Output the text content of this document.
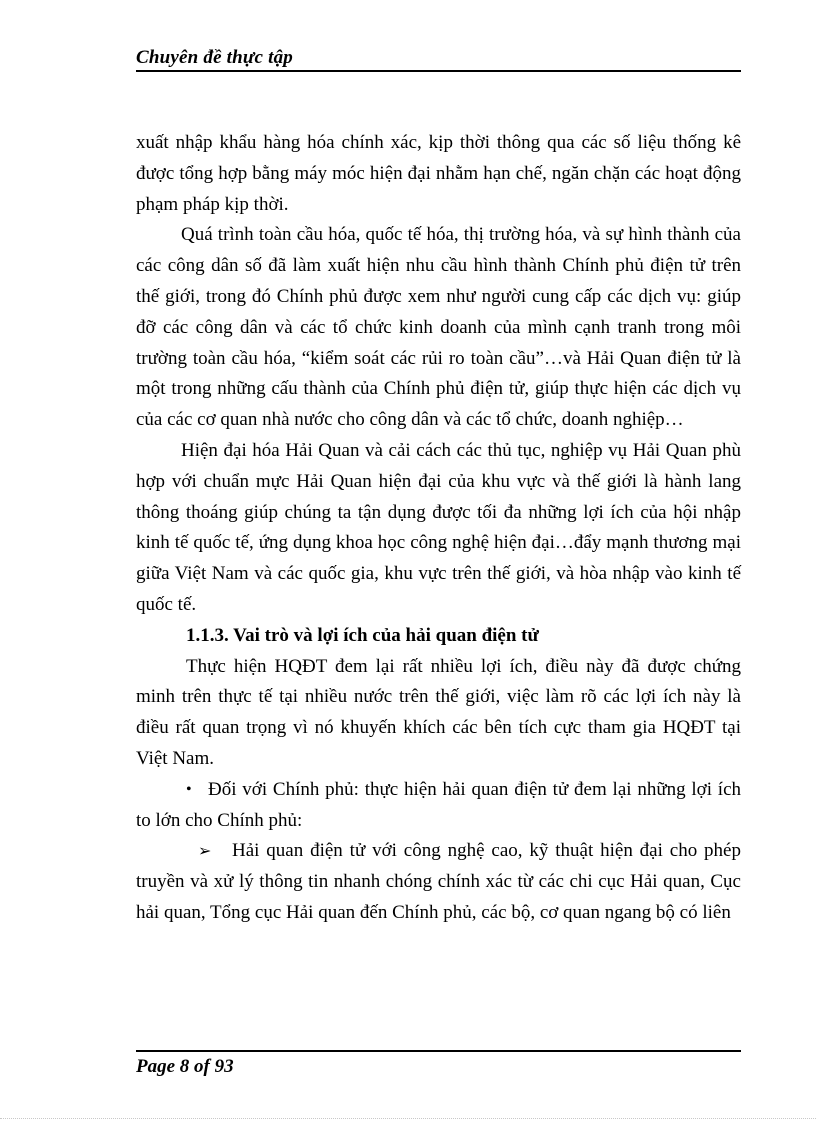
Chuyên đề thực tập

xuất nhập khẩu hàng hóa chính xác, kịp thời thông qua các số liệu thống kê được tổng hợp bằng máy móc hiện đại nhằm hạn chế, ngăn chặn các hoạt động phạm pháp kịp thời.

Quá trình toàn cầu hóa, quốc tế hóa, thị trường hóa, và sự hình thành của các công dân số đã làm xuất hiện nhu cầu hình thành Chính phủ điện tử trên thế giới, trong đó Chính phủ được xem như người cung cấp các dịch vụ: giúp đỡ các công dân và các tổ chức kinh doanh của mình cạnh tranh trong môi trường toàn cầu hóa, “kiểm soát các rủi ro toàn cầu”…và Hải Quan điện tử là một trong những cấu thành của Chính phủ điện tử, giúp thực hiện các dịch vụ của các cơ quan nhà nước cho công dân và các tổ chức, doanh nghiệp…

Hiện đại hóa Hải Quan và cải cách các thủ tục, nghiệp vụ Hải Quan phù hợp với chuẩn mực Hải Quan hiện đại của khu vực và thế giới là hành lang thông thoáng giúp chúng ta tận dụng được tối đa những lợi ích của hội nhập kinh tế quốc tế, ứng dụng khoa học công nghệ hiện đại…đẩy mạnh thương mại giữa Việt Nam và các quốc gia, khu vực trên thế giới, và hòa nhập vào kinh tế quốc tế.

1.1.3. Vai trò và lợi ích của hải quan điện tử

Thực hiện HQĐT đem lại rất nhiều lợi ích, điều này đã được chứng minh trên thực tế tại nhiều nước trên thế giới, việc làm rõ các lợi ích này là điều rất quan trọng vì nó khuyến khích các bên tích cực tham gia HQĐT tại Việt Nam.

• Đối với Chính phủ: thực hiện hải quan điện tử đem lại những lợi ích to lớn cho Chính phủ:

➢ Hải quan điện tử với công nghệ cao, kỹ thuật hiện đại cho phép truyền và xử lý thông tin nhanh chóng chính xác từ các chi cục Hải quan, Cục hải quan, Tổng cục Hải quan đến Chính phủ, các bộ, cơ quan ngang bộ có liên

Page 8 of 93
